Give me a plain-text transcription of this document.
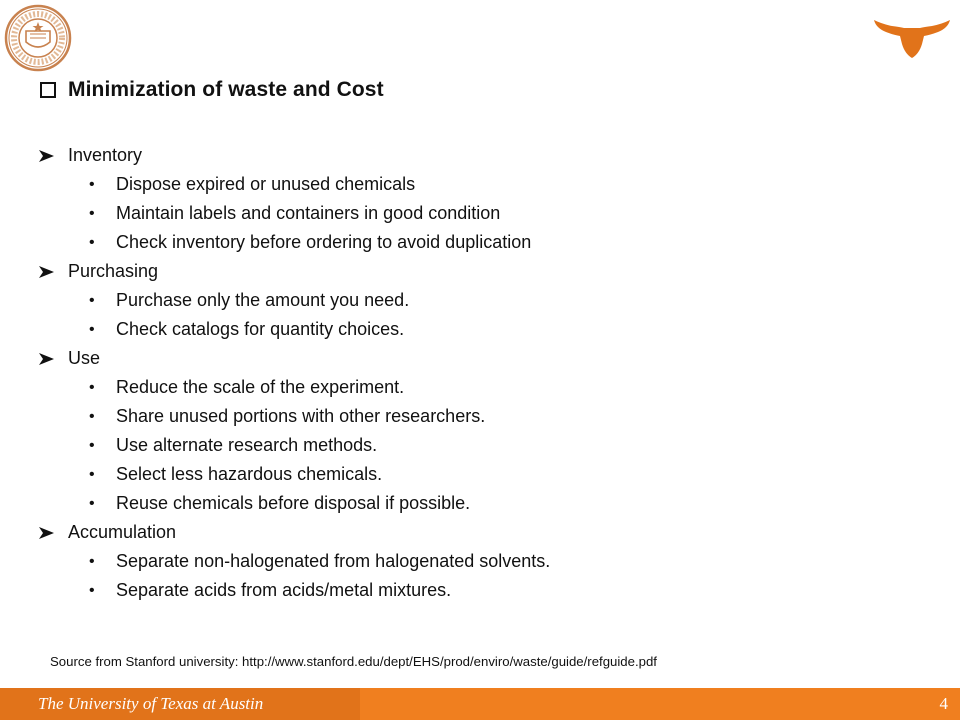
Minimization of waste and Cost
Inventory
•	Dispose expired or unused chemicals
•	Maintain labels and containers in good condition
•	Check inventory before ordering to avoid duplication
Purchasing
•	Purchase only the amount you need.
•	Check catalogs for quantity choices.
Use
•	Reduce the scale of the experiment.
•	Share unused portions with other researchers.
•	Use alternate research methods.
•	Select less hazardous chemicals.
•	Reuse chemicals before disposal if possible.
Accumulation
•	Separate non-halogenated from halogenated solvents.
•	Separate acids from acids/metal mixtures.
Source from Stanford university: http://www.stanford.edu/dept/EHS/prod/enviro/waste/guide/refguide.pdf
The University of Texas at Austin	4
